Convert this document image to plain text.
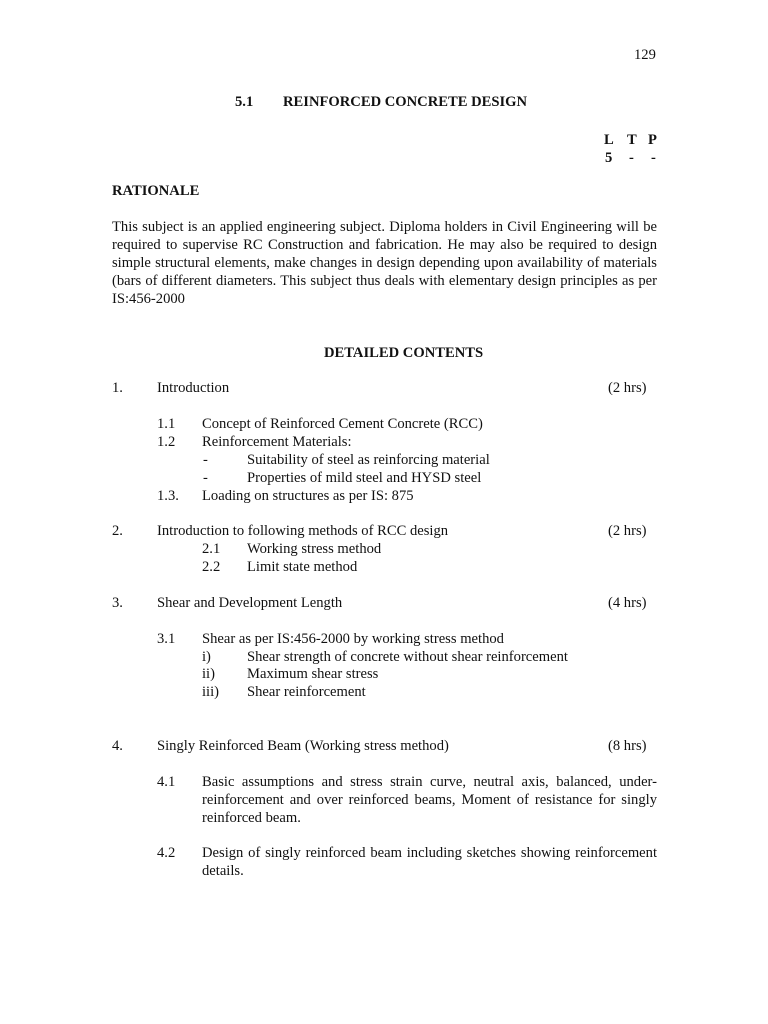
129
5.1 REINFORCED CONCRETE DESIGN
L T P
5 - -
RATIONALE
This subject is an applied engineering subject. Diploma holders in Civil Engineering will be required to supervise RC Construction and fabrication. He may also be required to design simple structural elements, make changes in design depending upon availability of materials (bars of different diameters. This subject thus deals with elementary design principles as per IS:456-2000
DETAILED CONTENTS
1. Introduction	(2 hrs)
1.1 Concept of Reinforced Cement Concrete (RCC)
1.2 Reinforcement Materials:
-	Suitability of steel as reinforcing material
-	Properties of mild steel and HYSD steel
1.3. Loading on structures as per IS: 875
2. Introduction to following methods of RCC design	(2 hrs)
2.1 Working stress method
2.2 Limit state method
3. Shear and Development Length	(4 hrs)
3.1 Shear as per IS:456-2000 by working stress method
i) Shear strength of concrete without shear reinforcement
ii) Maximum shear stress
iii) Shear reinforcement
4. Singly Reinforced Beam (Working stress method)	(8 hrs)
4.1 Basic assumptions and stress strain curve, neutral axis, balanced, under-reinforcement and over reinforced beams, Moment of resistance for singly reinforced beam.
4.2 Design of singly reinforced beam including sketches showing reinforcement details.
